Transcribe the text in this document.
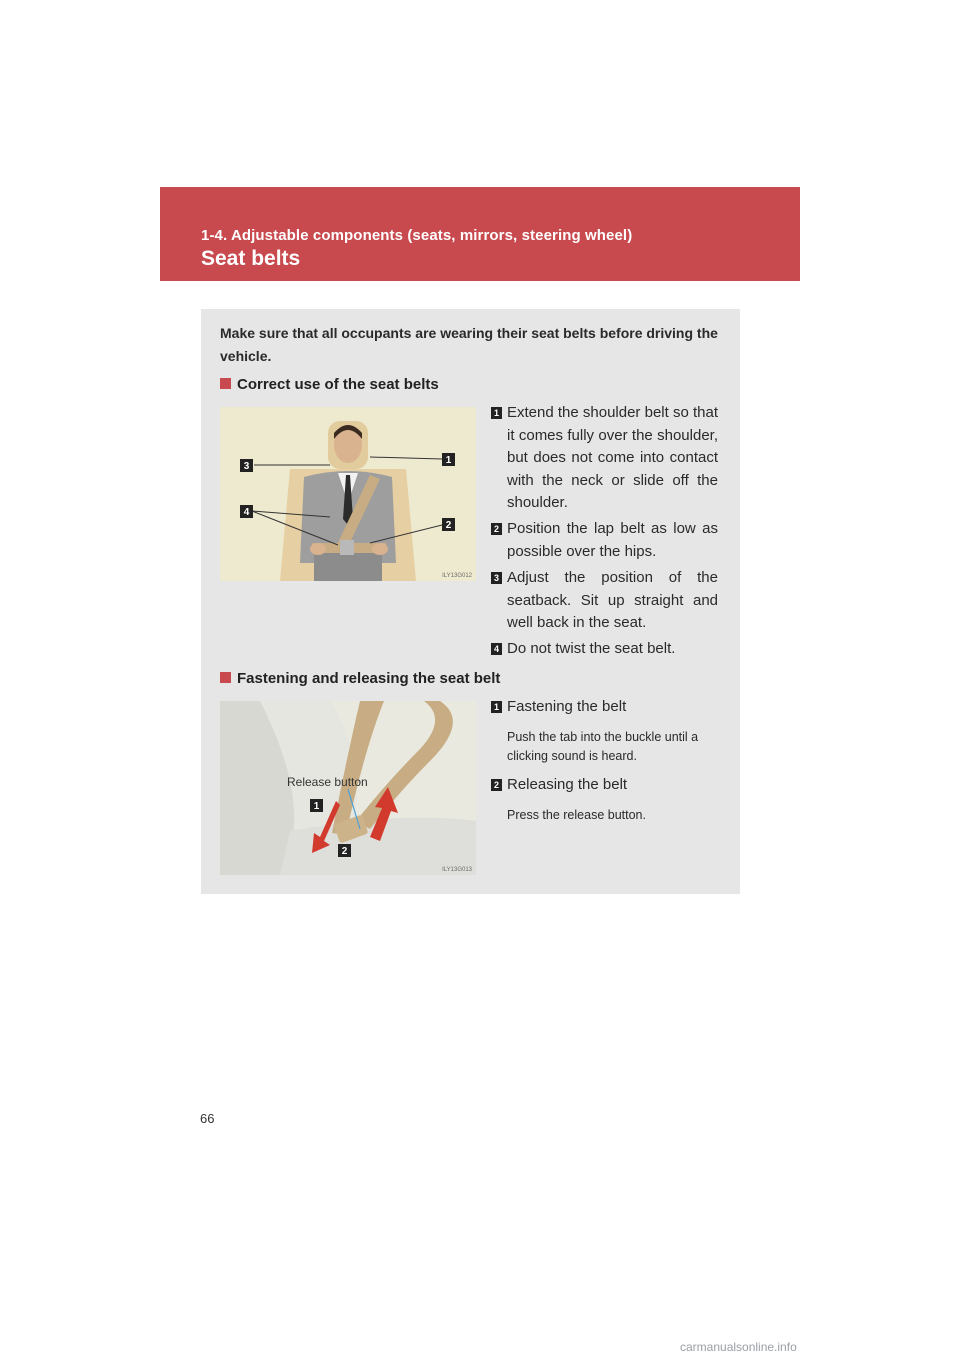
1-4. Adjustable components (seats, mirrors, steering wheel)
Seat belts
Make sure that all occupants are wearing their seat belts before driving the vehicle.
Correct use of the seat belts
3
1
4
2
ILY13G012
1 Extend the shoulder belt so that it comes fully over the shoulder, but does not come into contact with the neck or slide off the shoulder.
2 Position the lap belt as low as possible over the hips.
3 Adjust the position of the seatback. Sit up straight and well back in the seat.
4 Do not twist the seat belt.
Fastening and releasing the seat belt
Release button
1
2
ILY13G013
1 Fastening the belt
Push the tab into the buckle until a clicking sound is heard.
2 Releasing the belt
Press the release button.
66
carmanualsonline.info
